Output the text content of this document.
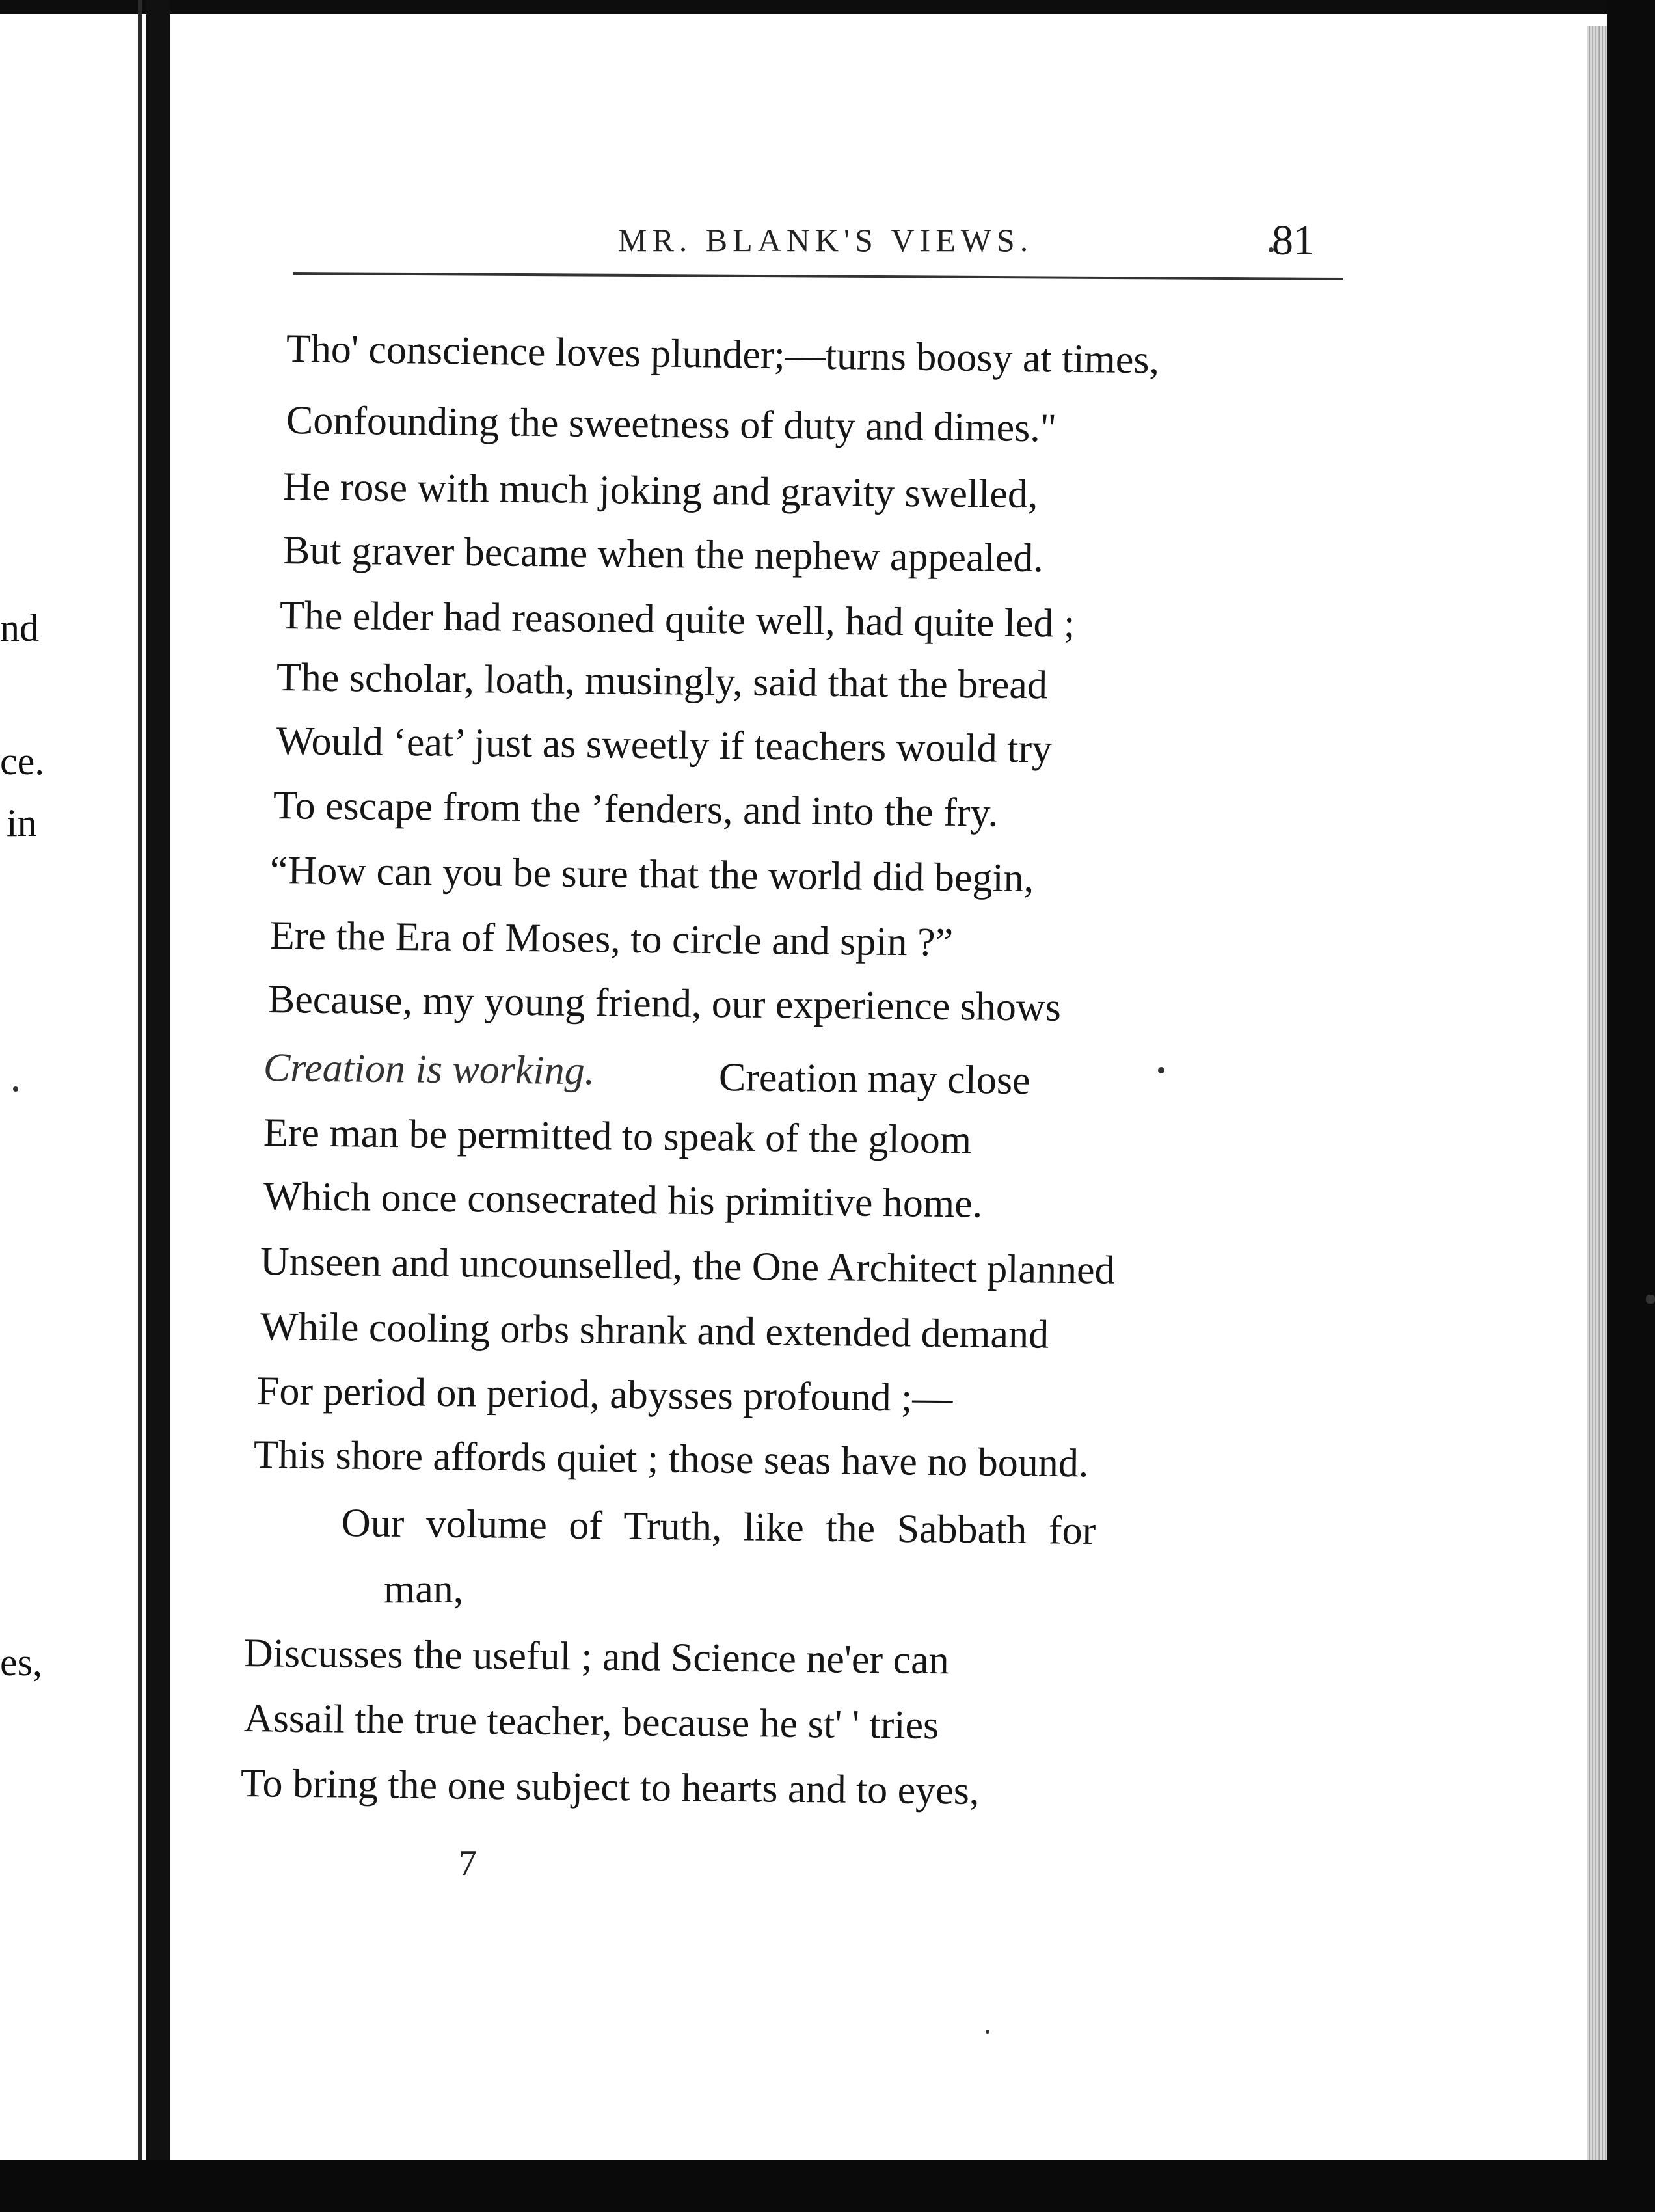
nd
ce.
in
es,
MR. BLANK'S VIEWS.	81
Tho' conscience loves plunder;—turns boosy at times,
Confounding the sweetness of duty and dimes."
He rose with much joking and gravity swelled,
But graver became when the nephew appealed.
The elder had reasoned quite well, had quite led ;
The scholar, loath, musingly, said that the bread
Would ‘eat’ just as sweetly if teachers would try
To escape from the ’fenders, and into the fry.
“How can you be sure that the world did begin,
Ere the Era of Moses, to circle and spin ?”
Because, my young friend, our experience shows
Creation is working.	Creation may close
Ere man be permitted to speak of the gloom
Which once consecrated his primitive home.
Unseen and uncounselled, the One Architect planned
While cooling orbs shrank and extended demand
For period on period, abysses profound ;—
This shore affords quiet ; those seas have no bound.
Our volume of Truth, like the Sabbath for
man,
Discusses the useful ; and Science ne'er can
Assail the true teacher, because he st' ' tries
To bring the one subject to hearts and to eyes,
7
